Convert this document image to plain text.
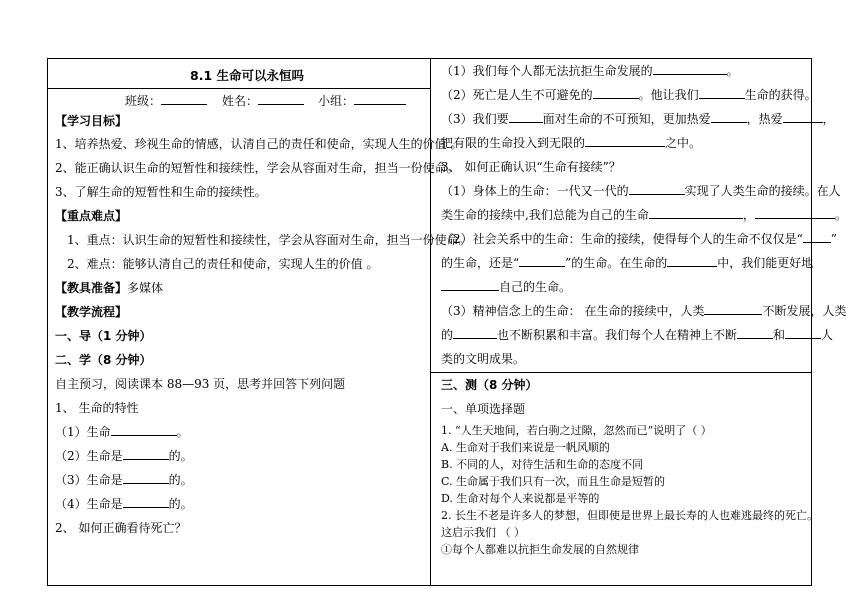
8.1 生命可以永恒吗
班级：	姓名：	小组：
【学习目标】
1、培养热爱、珍视生命的情感，认清自己的责任和使命，实现人生的价值 。
2、能正确认识生命的短暂性和接续性，学会从容面对生命，担当一份使命。
3、了解生命的短暂性和生命的接续性。
【重点难点】
1、重点：认识生命的短暂性和接续性，学会从容面对生命，担当一份使命。
2、难点：能够认清自己的责任和使命，实现人生的价值 。
【教具准备】多媒体
【教学流程】
一、导（1 分钟）
二、学（8 分钟）
自主预习，阅读课本 88—93 页，思考并回答下列问题
1、 生命的特性
（1）生命	。
（2）生命是	的。
（3）生命是	的。
（4）生命是	的。
2、 如何正确看待死亡？
（1）我们每个人都无法抗拒生命发展的	。
（2）死亡是人生不可避免的	。他让我们	生命的获得。
（3）我们要	面对生命的不可预知，更加热爱	，热爱	，
把有限的生命投入到无限的	之中。
3、 如何正确认识“生命有接续”？
（1）身体上的生命：一代又一代的	实现了人类生命的接续。在人
类生命的接续中,我们总能为自己的生命	，	。
（2）社会关系中的生命：生命的接续，使得每个人的生命不仅仅是“ ”
的生命，还是“	”的生命。在生命的	中，我们能更好地
自己的生命。
（3）精神信念上的生命： 在生命的接续中，人类	不断发展，人类
的	也不断积累和丰富。我们每个人在精神上不断	和	人
类的文明成果。
三、测（8 分钟）
一、单项选择题
1. “人生天地间，若白驹之过隙，忽然而已”说明了（ ）
A. 生命对于我们来说是一帆风顺的
B. 不同的人，对待生活和生命的态度不同
C. 生命属于我们只有一次，而且生命是短暂的
D. 生命对每个人来说都是平等的
2. 长生不老是许多人的梦想，但即使是世界上最长寿的人也难逃最终的死亡。
这启示我们 （ ）
①每个人都难以抗拒生命发展的自然规律
